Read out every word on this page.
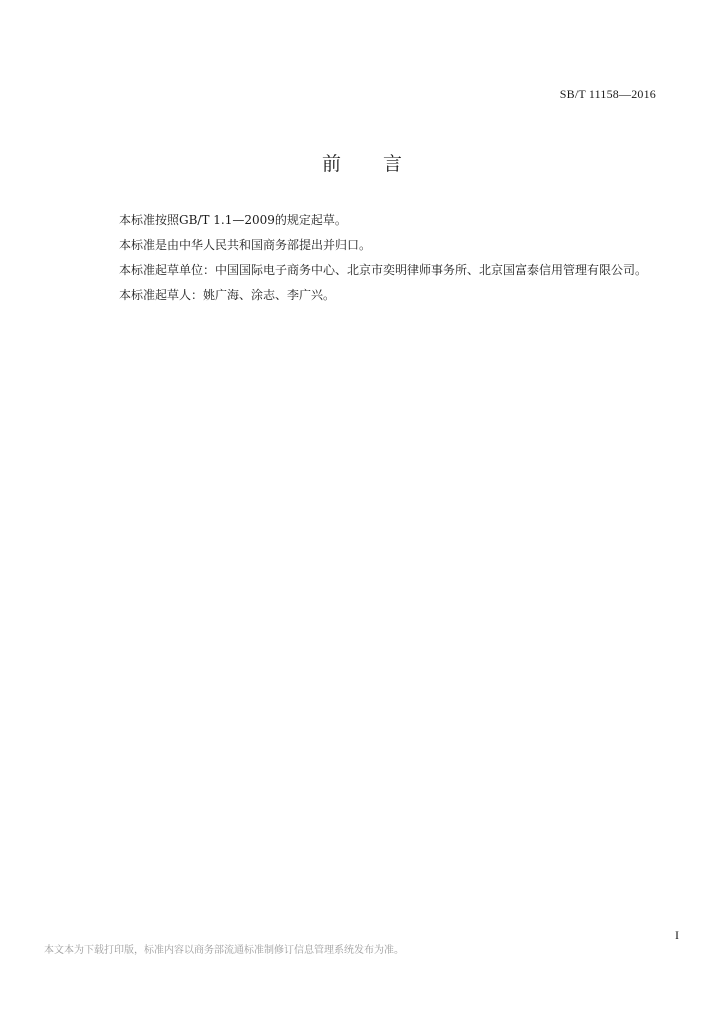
SB/T 11158—2016
前言

本标准按照GB/T 1.1—2009的规定起草。

本标准是由中华人民共和国商务部提出并归口。

本标准起草单位：中国国际电子商务中心、北京市奕明律师事务所、北京国富泰信用管理有限公司。

本标准起草人：姚广海、涂志、李广兴。

I
本文本为下载打印版，标准内容以商务部流通标准制修订信息管理系统发布为准。
